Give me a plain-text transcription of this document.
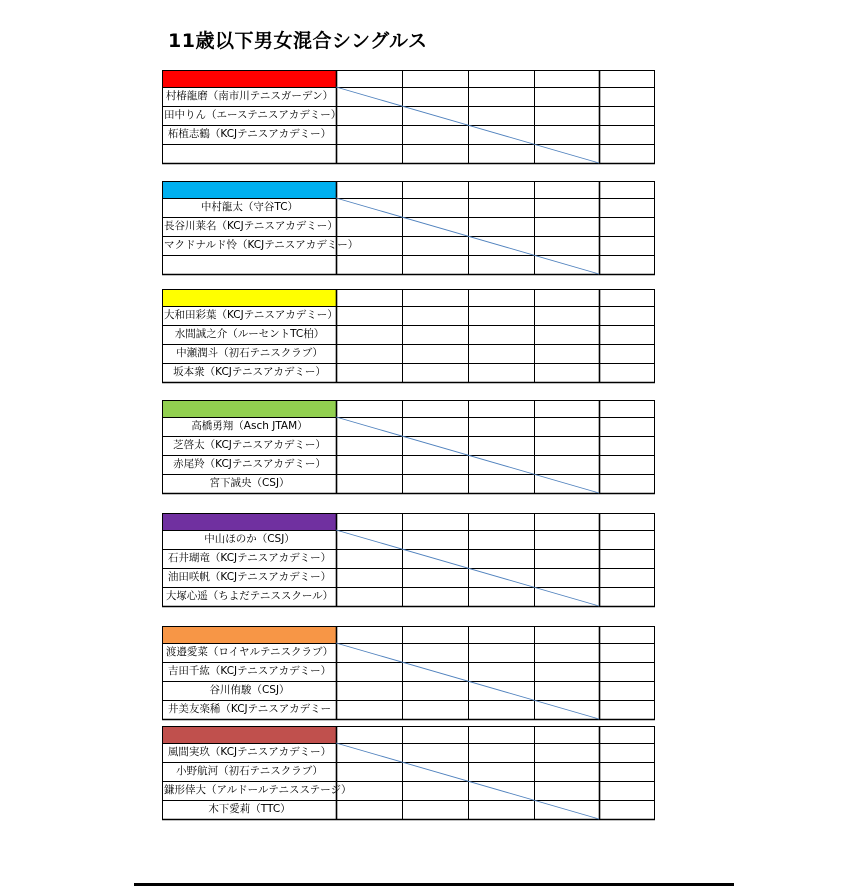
11歳以下男女混合シングルス
村椿龍磨（南市川テニスガーデン）
田中りん（エーステニスアカデミー）
柘植志鶴（KCJテニスアカデミー）
中村龍太（守谷TC）
長谷川莱名（KCJテニスアカデミー）
マクドナルド怜（KCJテニスアカデミー）
大和田彩葉（KCJテニスアカデミー）
水間誠之介（ルーセントTC柏）
中瀬潤斗（初石テニスクラブ）
坂本衆（KCJテニスアカデミー）
高橋勇翔（Asch JTAM）
芝啓太（KCJテニスアカデミー）
赤尾羚（KCJテニスアカデミー）
宮下誠央（CSJ）
中山ほのか（CSJ）
石井瑚竜（KCJテニスアカデミー）
油田咲帆（KCJテニスアカデミー）
大塚心遥（ちよだテニススクール）
渡邉愛菜（ロイヤルテニスクラブ）
吉田千紘（KCJテニスアカデミー）
谷川侑駿（CSJ）
井美友楽稀（KCJテニスアカデミー
風間実玖（KCJテニスアカデミー）
小野航河（初石テニスクラブ）
鎌形倖大（アルドールテニスステージ）
木下愛莉（TTC）
